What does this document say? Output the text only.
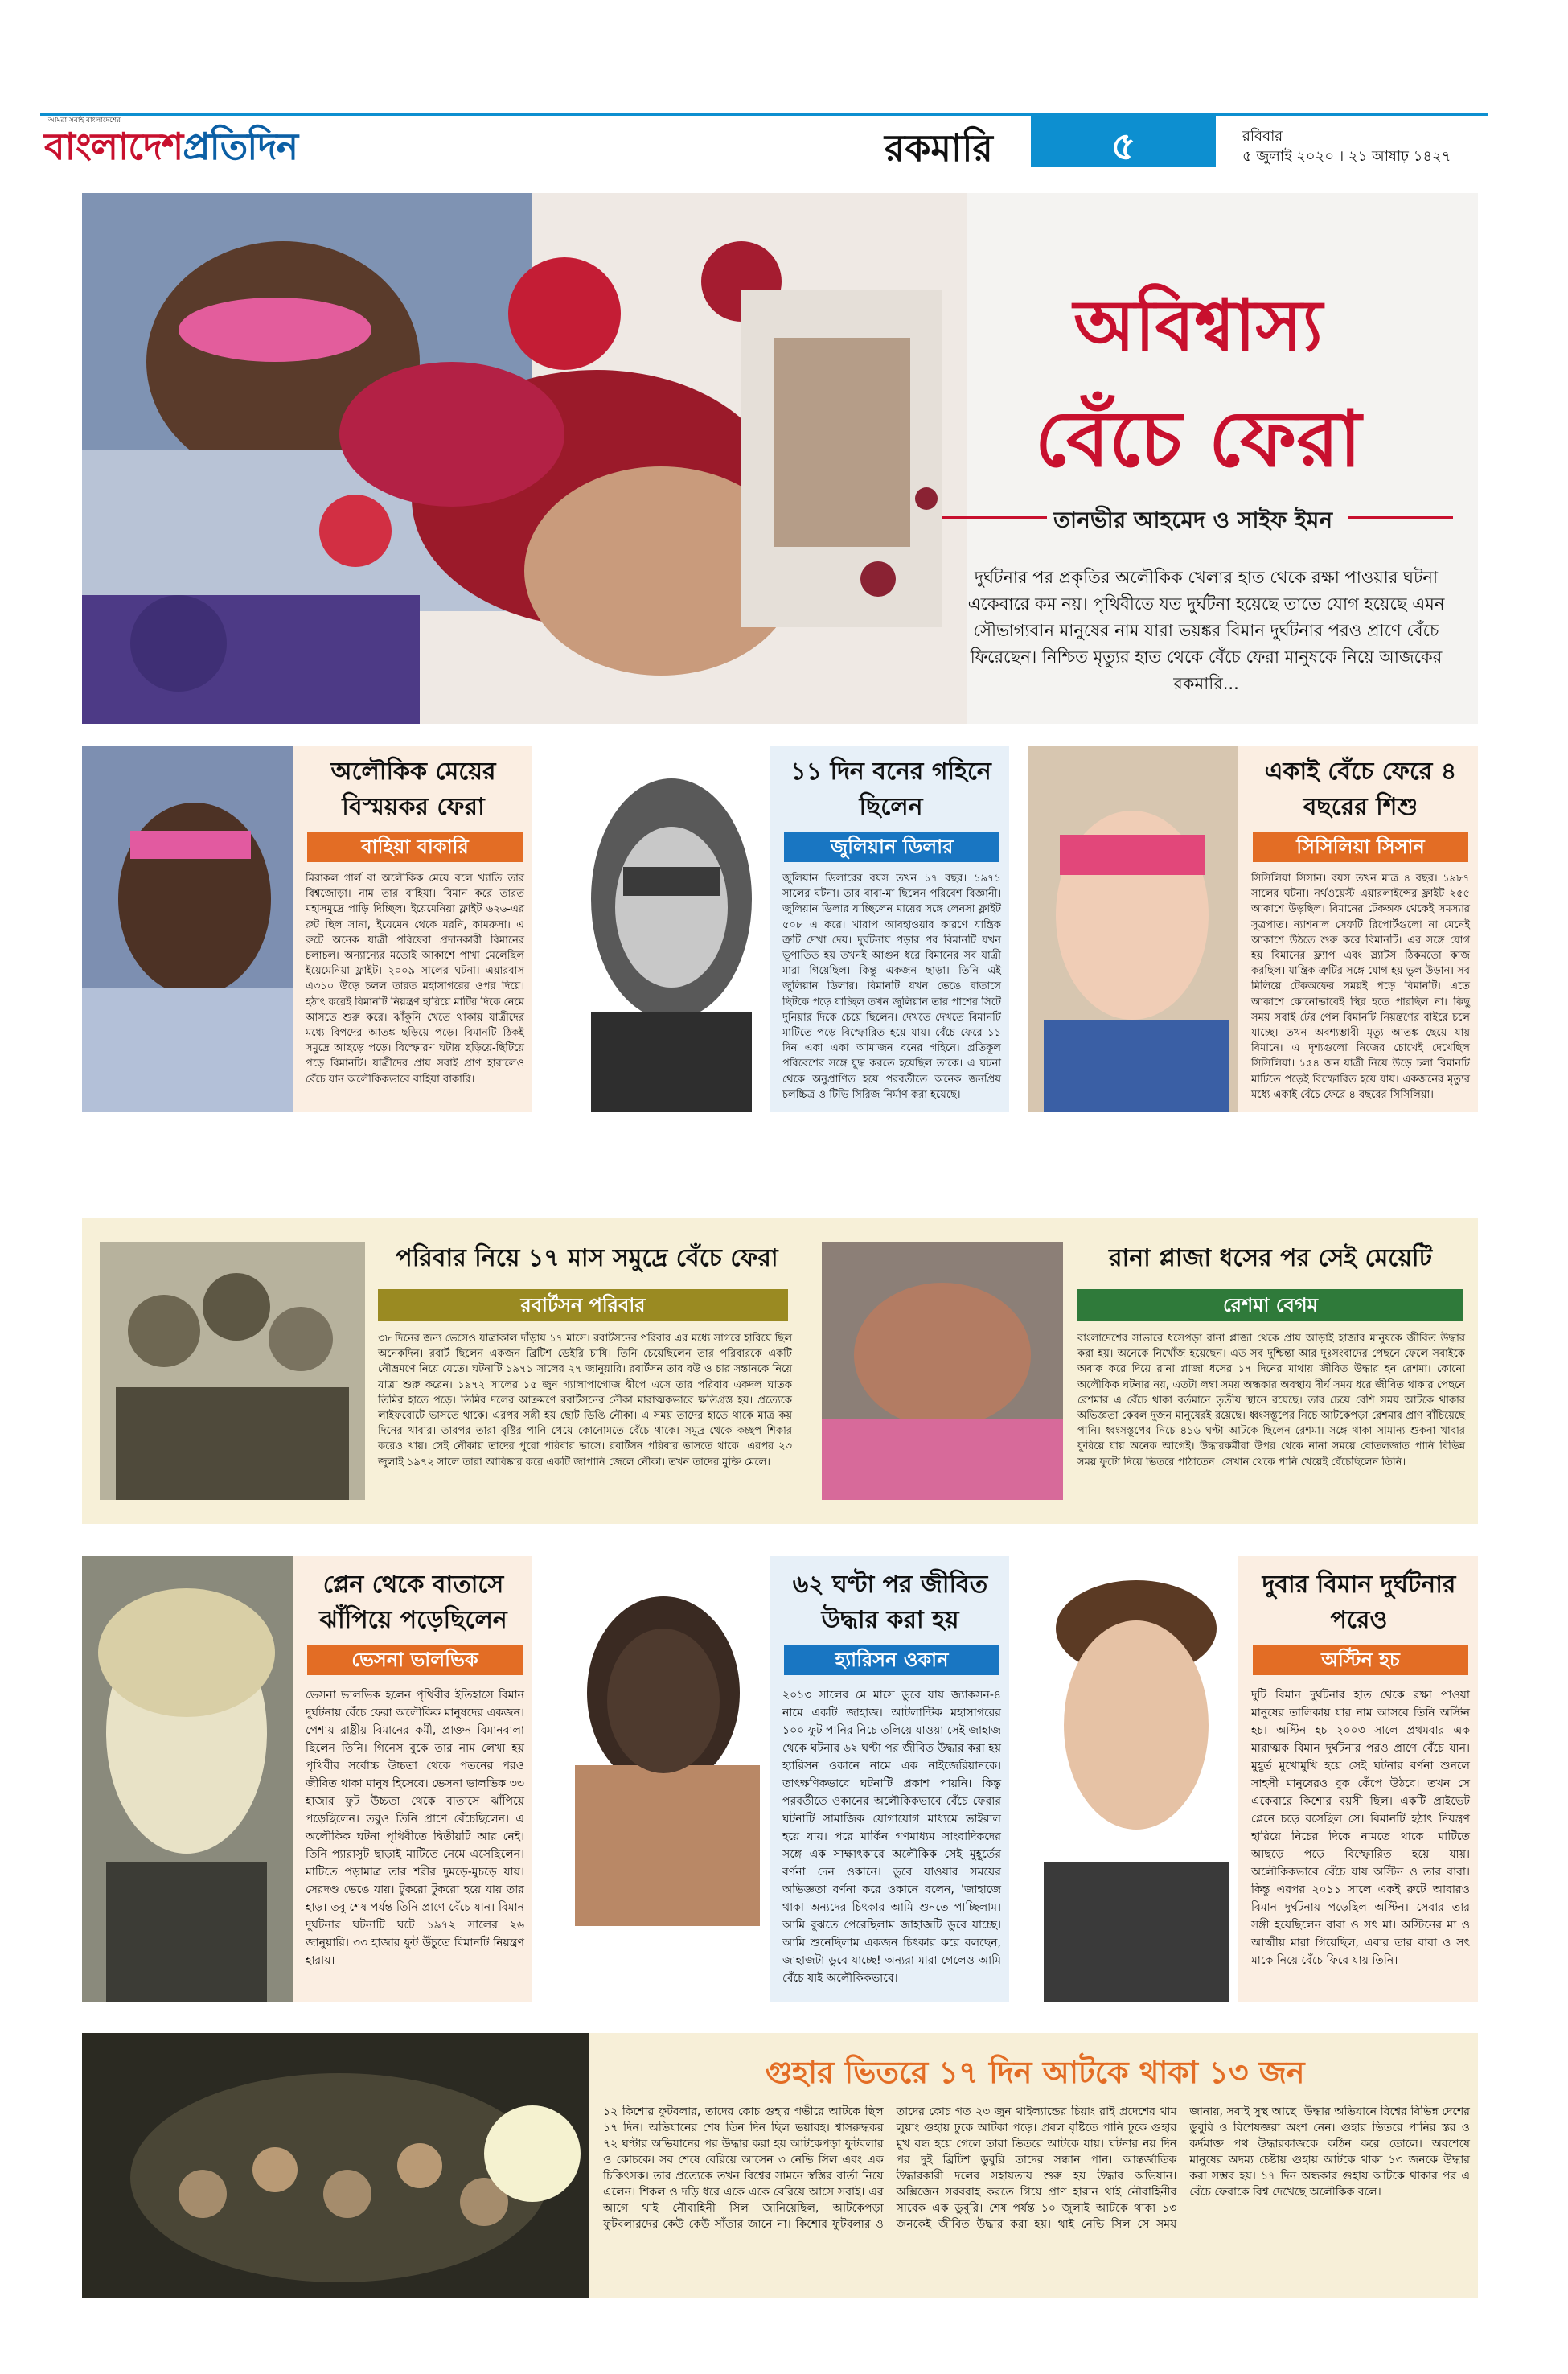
আমরা সবাই বাংলাদেশের
বাংলাদেশপ্রতিদিন	রকমারি	৫	রবিবার
৫ জুলাই ২০২০ । ২১ আষাঢ় ১৪২৭
অবিশ্বাস্য
বেঁচে ফেরা
তানভীর আহমেদ ও সাইফ ইমন
দুর্ঘটনার পর প্রকৃতির অলৌকিক খেলার হাত থেকে রক্ষা পাওয়ার ঘটনা একেবারে কম নয়। পৃথিবীতে যত দুর্ঘটনা হয়েছে তাতে যোগ হয়েছে এমন সৌভাগ্যবান মানুষের নাম যারা ভয়ঙ্কর বিমান দুর্ঘটনার পরও প্রাণে বেঁচে ফিরেছেন। নিশ্চিত মৃত্যুর হাত থেকে বেঁচে ফেরা মানুষকে নিয়ে আজকের রকমারি...
অলৌকিক মেয়ের বিস্ময়কর ফেরা
বাহিয়া বাকারি
মিরাকল গার্ল বা অলৌকিক মেয়ে বলে খ্যাতি তার বিশ্বজোড়া। নাম তার বাহিয়া। বিমান করে তারত মহাসমুদ্রে পাড়ি দিচ্ছিল। ইয়েমেনিয়া ফ্লাইট ৬২৬-এর রুট ছিল সানা, ইয়েমেন থেকে মরনি, কামরুসা। এ রুটে অনেক যাত্রী পরিষেবা প্রদানকারী বিমানের চলাচল। অন্যান্যের মতোই আকাশে পাখা মেলেছিল ইয়েমেনিয়া ফ্লাইট। ২০০৯ সালের ঘটনা। এয়ারবাস এ৩১০ উড়ে চলল তারত মহাসাগরের ওপর দিয়ে। হঠাৎ করেই বিমানটি নিয়ন্ত্রণ হারিয়ে মাটির দিকে নেমে আসতে শুরু করে। ঝাঁকুনি খেতে থাকায় যাত্রীদের মধ্যে বিপদের আতঙ্ক ছড়িয়ে পড়ে। বিমানটি ঠিকই সমুদ্রে আছড়ে পড়ে। বিস্ফোরণ ঘটায় ছড়িয়ে-ছিটিয়ে পড়ে বিমানটি। যাত্রীদের প্রায় সবাই প্রাণ হারালেও বেঁচে যান অলৌকিকভাবে বাহিয়া বাকারি।
১১ দিন বনের গহিনে ছিলেন
জুলিয়ান ডিলার
জুলিয়ান ডিলারের বয়স তখন ১৭ বছর। ১৯৭১ সালের ঘটনা। তার বাবা-মা ছিলেন পরিবেশ বিজ্ঞানী। জুলিয়ান ডিলার যাচ্ছিলেন মায়ের সঙ্গে লেনসা ফ্লাইট ৫০৮ এ করে। খারাপ আবহাওয়ার কারণে যান্ত্রিক ত্রুটি দেখা দেয়। দুর্ঘটনায় পড়ার পর বিমানটি যখন ভূপাতিত হয় তখনই আগুন ধরে বিমানের সব যাত্রী মারা গিয়েছিল। কিন্তু একজন ছাড়া। তিনি এই জুলিয়ান ডিলার। বিমানটি যখন ভেঙে বাতাসে ছিটকে পড়ে যাচ্ছিল তখন জুলিয়ান তার পাশের সিটে দুনিয়ার দিকে চেয়ে ছিলেন। দেখতে দেখতে বিমানটি মাটিতে পড়ে বিস্ফোরিত হয়ে যায়। বেঁচে ফেরে ১১ দিন একা একা আমাজন বনের গহিনে। প্রতিকূল পরিবেশের সঙ্গে যুদ্ধ করতে হয়েছিল তাকে। এ ঘটনা থেকে অনুপ্রাণিত হয়ে পরবর্তীতে অনেক জনপ্রিয় চলচ্চিত্র ও টিভি সিরিজ নির্মাণ করা হয়েছে।
একাই বেঁচে ফেরে ৪ বছরের শিশু
সিসিলিয়া সিসান
সিসিলিয়া সিসান। বয়স তখন মাত্র ৪ বছর। ১৯৮৭ সালের ঘটনা। নর্থওয়েস্ট এয়ারলাইন্সের ফ্লাইট ২৫৫ আকাশে উড়ছিল। বিমানের টেকঅফ থেকেই সমস্যার সূত্রপাত। ন্যাশনাল সেফটি রিপোর্টগুলো না মেনেই আকাশে উঠতে শুরু করে বিমানটি। এর সঙ্গে যোগ হয় বিমানের ফ্ল্যাপ এবং স্ল্যাটস ঠিকমতো কাজ করছিল। যান্ত্রিক ত্রুটির সঙ্গে যোগ হয় ভুল উড়ান। সব মিলিয়ে টেকঅফের সময়ই পড়ে বিমানটি। এতে আকাশে কোনোভাবেই স্থির হতে পারছিল না। কিছু সময় সবাই টের পেল বিমানটি নিয়ন্ত্রণের বাইরে চলে যাচ্ছে। তখন অবশ্যম্ভাবী মৃত্যু আতঙ্ক ছেয়ে যায় বিমানে। এ দৃশ্যগুলো নিজের চোখেই দেখেছিল সিসিলিয়া। ১৫৪ জন যাত্রী নিয়ে উড়ে চলা বিমানটি মাটিতে পড়েই বিস্ফোরিত হয়ে যায়। একজনের মৃত্যুর মধ্যে একাই বেঁচে ফেরে ৪ বছরের সিসিলিয়া।
পরিবার নিয়ে ১৭ মাস সমুদ্রে বেঁচে ফেরা
রবার্টসন পরিবার
৩৮ দিনের জন্য ভেসেও যাত্রাকাল দাঁড়ায় ১৭ মাসে। রবার্টসনের পরিবার এর মধ্যে সাগরে হারিয়ে ছিল অনেকদিন। রবার্ট ছিলেন একজন ব্রিটিশ ডেইরি চাষি। তিনি চেয়েছিলেন তার পরিবারকে একটি নৌভ্রমণে নিয়ে যেতে। ঘটনাটি ১৯৭১ সালের ২৭ জানুয়ারি। রবার্টসন তার বউ ও চার সন্তানকে নিয়ে যাত্রা শুরু করেন। ১৯৭২ সালের ১৫ জুন গ্যালাপাগোজ দ্বীপে এসে তার পরিবার একদল ঘাতক তিমির হাতে পড়ে। তিমির দলের আক্রমণে রবার্টসনের নৌকা মারাত্মকভাবে ক্ষতিগ্রস্ত হয়। প্রত্যেকে লাইফবোটে ভাসতে থাকে। এরপর সঙ্গী হয় ছোট ডিঙি নৌকা। এ সময় তাদের হাতে থাকে মাত্র কয় দিনের খাবার। তারপর তারা বৃষ্টির পানি খেয়ে কোনোমতে বেঁচে থাকে। সমুদ্র থেকে কচ্ছপ শিকার করেও খায়। সেই নৌকায় তাদের পুরো পরিবার ভাসে। রবার্টসন পরিবার ভাসতে থাকে। এরপর ২৩ জুলাই ১৯৭২ সালে তারা আবিষ্কার করে একটি জাপানি জেলে নৌকা। তখন তাদের মুক্তি মেলে।
রানা প্লাজা ধসের পর সেই মেয়েটি
রেশমা বেগম
বাংলাদেশের সাভারে ধসেপড়া রানা প্লাজা থেকে প্রায় আড়াই হাজার মানুষকে জীবিত উদ্ধার করা হয়। অনেকে নিখোঁজ হয়েছেন। এত সব দুশ্চিন্তা আর দুঃসংবাদের পেছনে ফেলে সবাইকে অবাক করে দিয়ে রানা প্লাজা ধসের ১৭ দিনের মাথায় জীবিত উদ্ধার হন রেশমা। কোনো অলৌকিক ঘটনার নয়, এতটা লম্বা সময় অন্ধকার অবস্থায় দীর্ঘ সময় ধরে জীবিত থাকার পেছনে রেশমার এ বেঁচে থাকা বর্তমানে তৃতীয় স্থানে রয়েছে। তার চেয়ে বেশি সময় আটকে থাকার অভিজ্ঞতা কেবল দুজন মানুষেরই রয়েছে। ধ্বংসস্তূপের নিচে আটকেপড়া রেশমার প্রাণ বাঁচিয়েছে পানি। ধ্বংসস্তূপের নিচে ৪১৬ ঘণ্টা আটকে ছিলেন রেশমা। সঙ্গে থাকা সামান্য শুকনা খাবার ফুরিয়ে যায় অনেক আগেই। উদ্ধারকর্মীরা উপর থেকে নানা সময়ে বোতলজাত পানি বিভিন্ন সময় ফুটো দিয়ে ভিতরে পাঠাতেন। সেখান থেকে পানি খেয়েই বেঁচেছিলেন তিনি।
প্লেন থেকে বাতাসে ঝাঁপিয়ে পড়েছিলেন
ভেসনা ভালভিক
ভেসনা ভালভিক হলেন পৃথিবীর ইতিহাসে বিমান দুর্ঘটনায় বেঁচে ফেরা অলৌকিক মানুষদের একজন। পেশায় রাষ্ট্রীয় বিমানের কর্মী, প্রাক্তন বিমানবালা ছিলেন তিনি। গিনেস বুকে তার নাম লেখা হয় পৃথিবীর সর্বোচ্চ উচ্চতা থেকে পতনের পরও জীবিত থাকা মানুষ হিসেবে। ভেসনা ভালভিক ৩৩ হাজার ফুট উচ্চতা থেকে বাতাসে ঝাঁপিয়ে পড়েছিলেন। তবুও তিনি প্রাণে বেঁচেছিলেন। এ অলৌকিক ঘটনা পৃথিবীতে দ্বিতীয়টি আর নেই। তিনি প্যারাসুট ছাড়াই মাটিতে নেমে এসেছিলেন। মাটিতে পড়ামাত্র তার শরীর দুমড়ে-মুচড়ে যায়। সেরদণ্ড ভেঙে যায়। টুকরো টুকরো হয়ে যায় তার হাড়। তবু শেষ পর্যন্ত তিনি প্রাণে বেঁচে যান। বিমান দুর্ঘটনার ঘটনাটি ঘটে ১৯৭২ সালের ২৬ জানুয়ারি। ৩৩ হাজার ফুট উঁচুতে বিমানটি নিয়ন্ত্রণ হারায়।
৬২ ঘণ্টা পর জীবিত উদ্ধার করা হয়
হ্যারিসন ওকান
২০১৩ সালের মে মাসে ডুবে যায় জ্যাকসন-৪ নামে একটি জাহাজ। আটলান্টিক মহাসাগরের ১০০ ফুট পানির নিচে তলিয়ে যাওয়া সেই জাহাজ থেকে ঘটনার ৬২ ঘণ্টা পর জীবিত উদ্ধার করা হয় হ্যারিসন ওকানে নামে এক নাইজেরিয়ানকে। তাৎক্ষণিকভাবে ঘটনাটি প্রকাশ পায়নি। কিন্তু পরবর্তীতে ওকানের অলৌকিকভাবে বেঁচে ফেরার ঘটনাটি সামাজিক যোগাযোগ মাধ্যমে ভাইরাল হয়ে যায়। পরে মার্কিন গণমাধ্যম সাংবাদিকদের সঙ্গে এক সাক্ষাৎকারে অলৌকিক সেই মুহূর্তের বর্ণনা দেন ওকানে। ডুবে যাওয়ার সময়ের অভিজ্ঞতা বর্ণনা করে ওকানে বলেন, 'জাহাজে থাকা অন্যদের চিৎকার আমি শুনতে পাচ্ছিলাম। আমি বুঝতে পেরেছিলাম জাহাজটি ডুবে যাচ্ছে। আমি শুনেছিলাম একজন চিৎকার করে বলছেন, জাহাজটা ডুবে যাচ্ছে! অন্যরা মারা গেলেও আমি বেঁচে যাই অলৌকিকভাবে।
দুবার বিমান দুর্ঘটনার পরেও
অস্টিন হচ
দুটি বিমান দুর্ঘটনার হাত থেকে রক্ষা পাওয়া মানুষের তালিকায় যার নাম আসবে তিনি অস্টিন হচ। অস্টিন হচ ২০০৩ সালে প্রথমবার এক মারাত্মক বিমান দুর্ঘটনার পরও প্রাণে বেঁচে যান। মুহূর্ত মুখোমুখি হয়ে সেই ঘটনার বর্ণনা শুনলে সাহসী মানুষেরও বুক কেঁপে উঠবে। তখন সে একেবারে কিশোর বয়সী ছিল। একটি প্রাইভেট প্লেনে চড়ে বসেছিল সে। বিমানটি হঠাৎ নিয়ন্ত্রণ হারিয়ে নিচের দিকে নামতে থাকে। মাটিতে আছড়ে পড়ে বিস্ফোরিত হয়ে যায়। অলৌকিকভাবে বেঁচে যায় অস্টিন ও তার বাবা। কিন্তু এরপর ২০১১ সালে একই রুটে আবারও বিমান দুর্ঘটনায় পড়েছিল অস্টিন। সেবার তার সঙ্গী হয়েছিলেন বাবা ও সৎ মা। অস্টিনের মা ও আত্মীয় মারা গিয়েছিল, এবার তার বাবা ও সৎ মাকে নিয়ে বেঁচে ফিরে যায় তিনি।
গুহার ভিতরে ১৭ দিন আটকে থাকা ১৩ জন
১২ কিশোর ফুটবলার, তাদের কোচ গুহার গভীরে আটকে ছিল ১৭ দিন। অভিযানের শেষ তিন দিন ছিল ভয়াবহ। শ্বাসরুদ্ধকর ৭২ ঘণ্টার অভিযানের পর উদ্ধার করা হয় আটকেপড়া ফুটবলার ও কোচকে। সব শেষে বেরিয়ে আসেন ৩ নেভি সিল এবং এক চিকিৎসক। তার প্রত্যেকে তখন বিশ্বের সামনে স্বস্তির বার্তা নিয়ে এলেন। শিকল ও দড়ি ধরে একে একে বেরিয়ে আসে সবাই। এর আগে থাই নৌবাহিনী সিল জানিয়েছিল, আটকেপড়া ফুটবলারদের কেউ কেউ সাঁতার জানে না। কিশোর ফুটবলার ও তাদের কোচ গত ২৩ জুন থাইল্যান্ডের চিয়াং রাই প্রদেশের থাম লুয়াং গুহায় ঢুকে আটকা পড়ে। প্রবল বৃষ্টিতে পানি ঢুকে গুহার মুখ বন্ধ হয়ে গেলে তারা ভিতরে আটকে যায়। ঘটনার নয় দিন পর দুই ব্রিটিশ ডুবুরি তাদের সন্ধান পান। আন্তর্জাতিক উদ্ধারকারী দলের সহায়তায় শুরু হয় উদ্ধার অভিযান। অক্সিজেন সরবরাহ করতে গিয়ে প্রাণ হারান থাই নৌবাহিনীর সাবেক এক ডুবুরি। শেষ পর্যন্ত ১০ জুলাই আটকে থাকা ১৩ জনকেই জীবিত উদ্ধার করা হয়। থাই নেভি সিল সে সময় জানায়, সবাই সুস্থ আছে। উদ্ধার অভিযানে বিশ্বের বিভিন্ন দেশের ডুবুরি ও বিশেষজ্ঞরা অংশ নেন। গুহার ভিতরে পানির স্তর ও কর্দমাক্ত পথ উদ্ধারকাজকে কঠিন করে তোলে। অবশেষে মানুষের অদম্য চেষ্টায় গুহায় আটকে থাকা ১৩ জনকে উদ্ধার করা সম্ভব হয়। ১৭ দিন অন্ধকার গুহায় আটকে থাকার পর এ বেঁচে ফেরাকে বিশ্ব দেখেছে অলৌকিক বলে।
